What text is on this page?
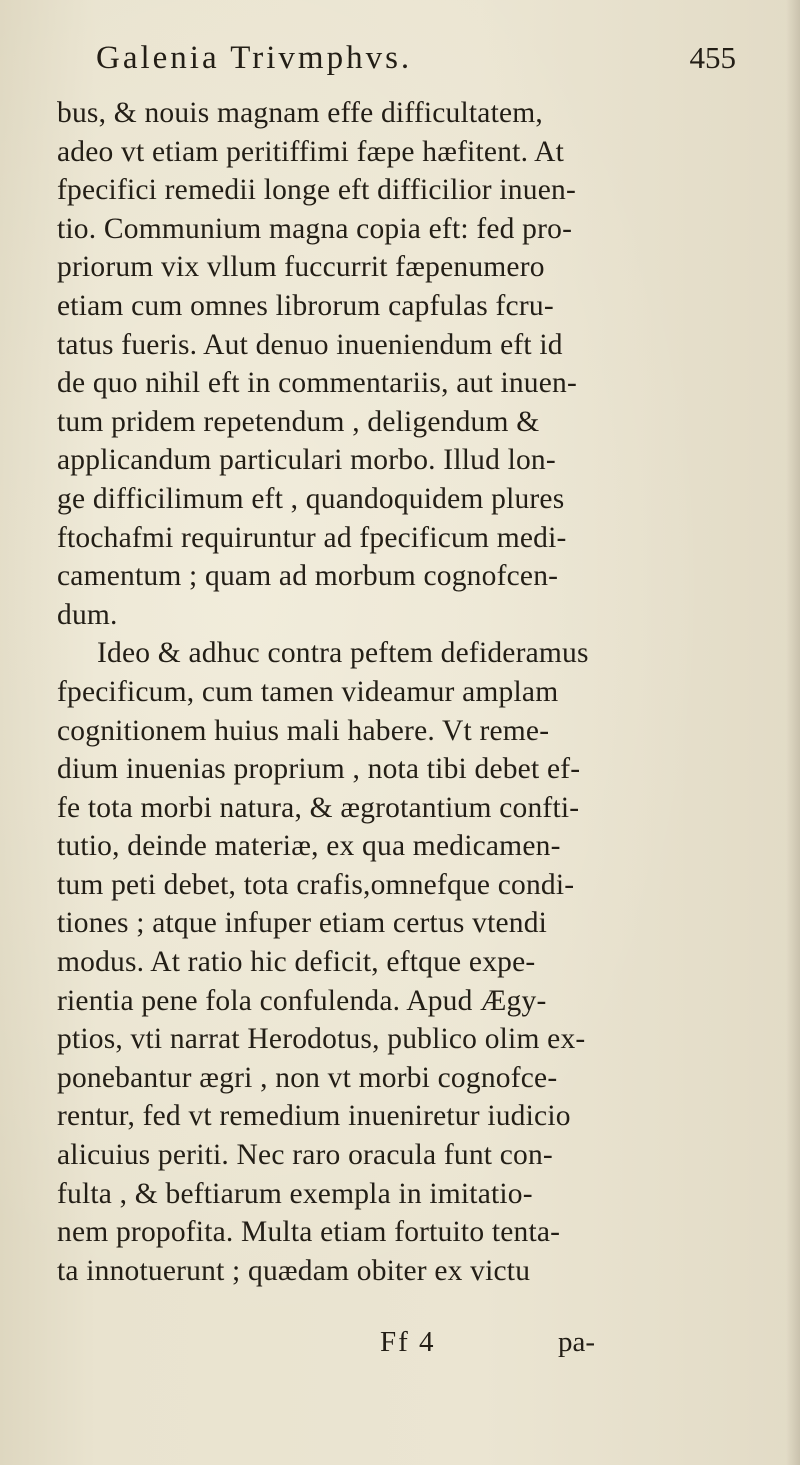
Galenia Trivmphvs.	455
bus, & nouis magnam effe difficultatem,
adeo vt etiam peritiffimi fæpe hæfitent. At
fpecifici remedii longe eft difficilior inuen-
tio. Communium magna copia eft: fed pro-
priorum vix vllum fuccurrit fæpenumero
etiam cum omnes librorum capfulas fcru-
tatus fueris. Aut denuo inueniendum eft id
de quo nihil eft in commentariis, aut inuen-
tum pridem repetendum , deligendum &
applicandum particulari morbo. Illud lon-
ge difficilimum eft , quandoquidem plures
ftochafmi requiruntur ad fpecificum medi-
camentum ; quam ad morbum cognofcen-
dum.
Ideo & adhuc contra peftem defideramus
fpecificum, cum tamen videamur amplam
cognitionem huius mali habere. Vt reme-
dium inuenias proprium , nota tibi debet ef-
fe tota morbi natura, & ægrotantium confti-
tutio, deinde materiæ, ex qua medicamen-
tum peti debet, tota crafis,omnefque condi-
tiones ; atque infuper etiam certus vtendi
modus. At ratio hic deficit, eftque expe-
rientia pene fola confulenda. Apud Ægy-
ptios, vti narrat Herodotus, publico olim ex-
ponebantur ægri , non vt morbi cognofce-
rentur, fed vt remedium inueniretur iudicio
alicuius periti. Nec raro oracula funt con-
fulta , & beftiarum exempla in imitatio-
nem propofita. Multa etiam fortuito tenta-
ta innotuerunt ; quædam obiter ex victu
Ff 4	pa-
